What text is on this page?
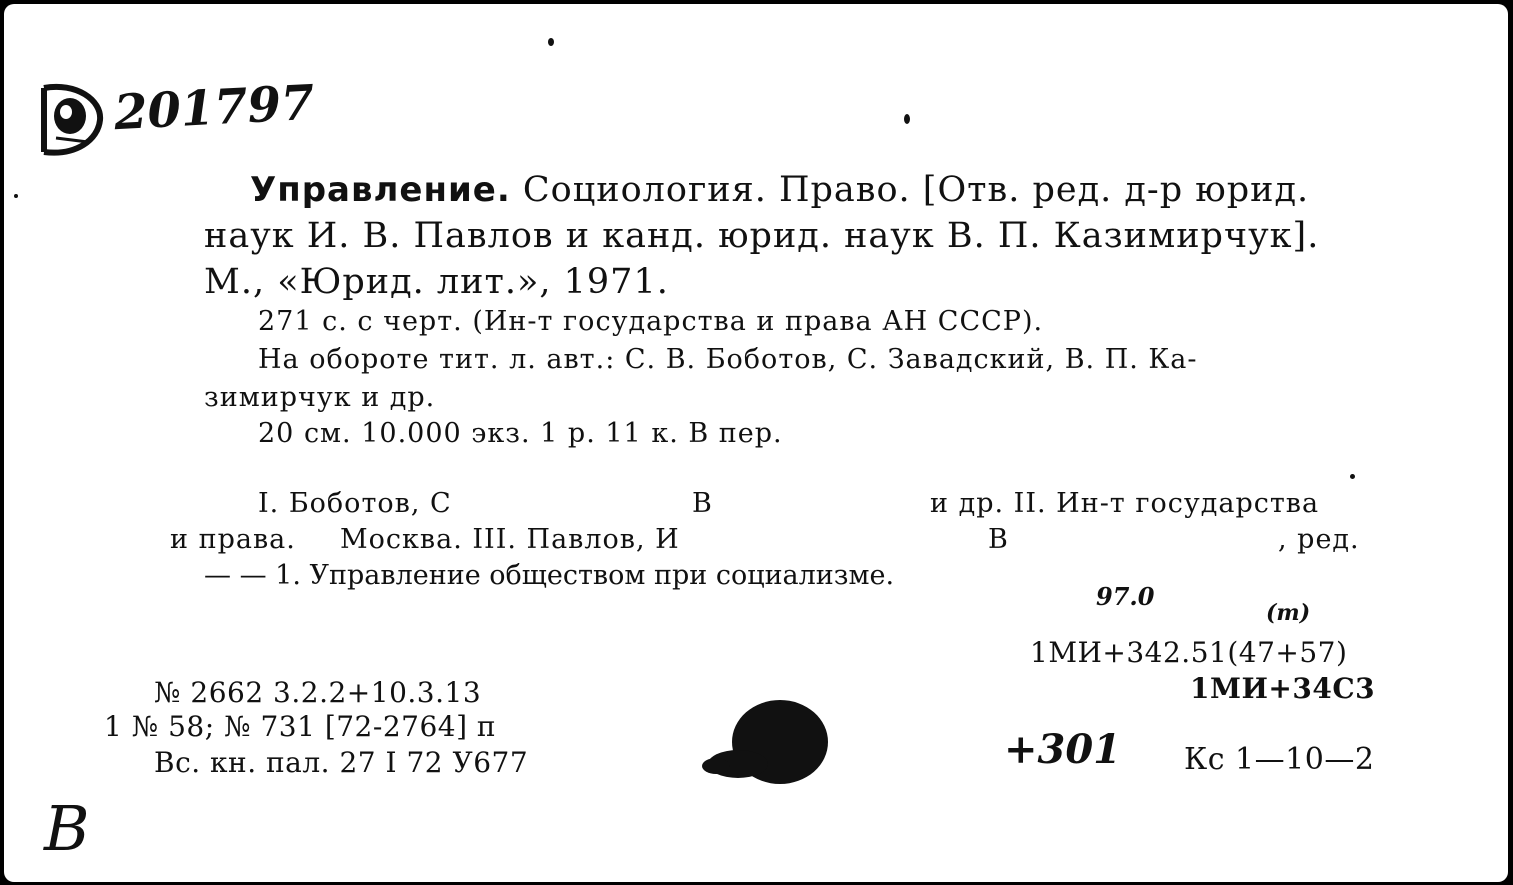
201797
Управление. Социология. Право. [Отв. ред. д-р юрид.
наук И. В. Павлов и канд. юрид. наук В. П. Казимирчук].
М., «Юрид. лит.», 1971.
271 с. с черт. (Ин-т государства и права АН СССР).
На обороте тит. л. авт.: С. В. Боботов, С. Завадский, В. П. Ка-
зимирчук и др.
20 см. 10.000 экз. 1 р. 11 к. В пер.
I. Боботов, С	В	и др. II. Ин-т государства
и права. Москва. III. Павлов, И	В	, ред.
— — 1. Управление обществом при социализме.
97.0
(т)
1МИ+342.51(47+57)
1МИ+34С3
+301 Кс 1—10—2
№ 2662 3.2.2+10.3.13
1 № 58; № 731 [72-2764] п
Вс. кн. пал. 27 I 72 У677
В
